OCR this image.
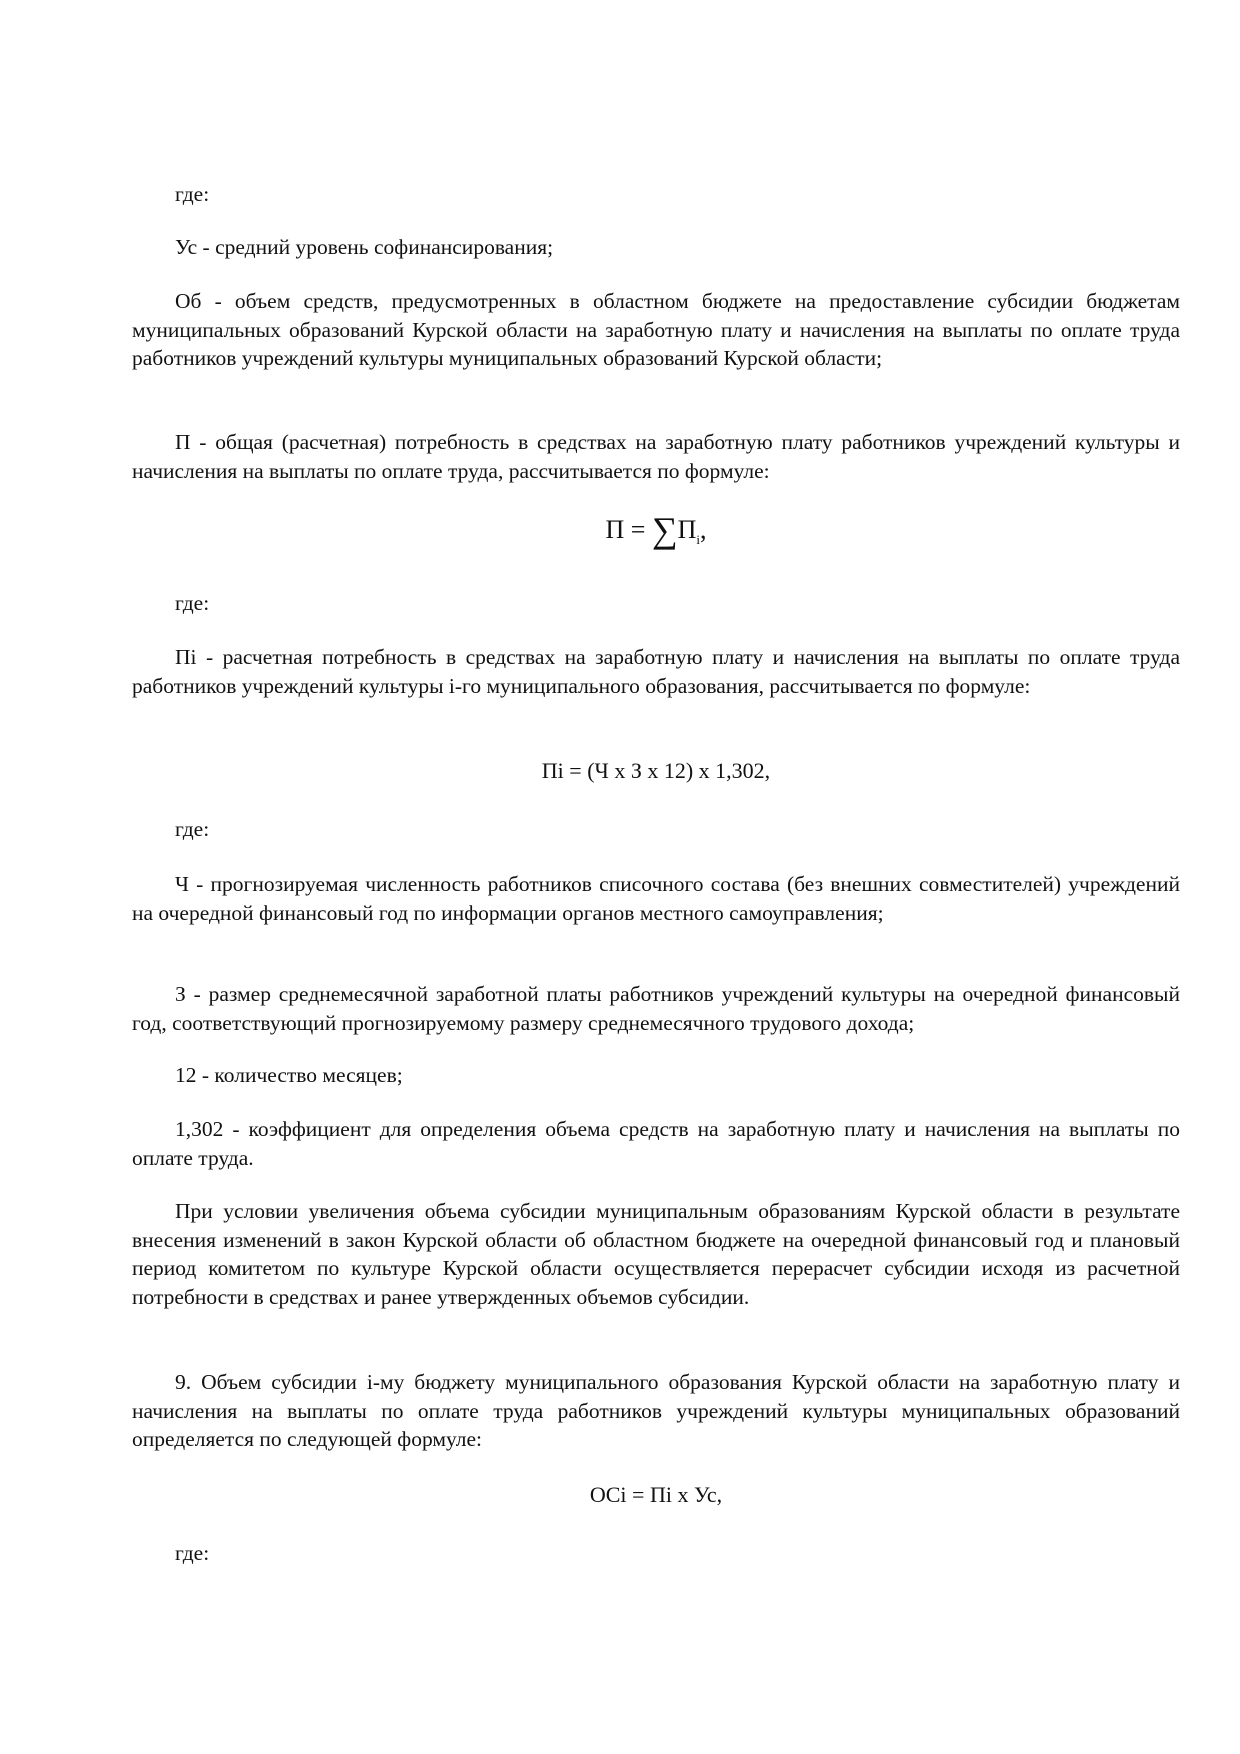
где:

Ус - средний уровень софинансирования;

Об - объем средств, предусмотренных в областном бюджете на предоставление субсидии бюджетам муниципальных образований Курской области на заработную плату и начисления на выплаты по оплате труда работников учреждений культуры муниципальных образований Курской области;

П - общая (расчетная) потребность в средствах на заработную плату работников учреждений культуры и начисления на выплаты по оплате труда, рассчитывается по формуле:

$П = \sum П_i$,

где:

Пi - расчетная потребность в средствах на заработную плату и начисления на выплаты по оплате труда работников учреждений культуры i-го муниципального образования, рассчитывается по формуле:

Пi = (Ч х З х 12) х 1,302,

где:

Ч - прогнозируемая численность работников списочного состава (без внешних совместителей) учреждений на очередной финансовый год по информации органов местного самоуправления;

З - размер среднемесячной заработной платы работников учреждений культуры на очередной финансовый год, соответствующий прогнозируемому размеру среднемесячного трудового дохода;

12 - количество месяцев;

1,302 - коэффициент для определения объема средств на заработную плату и начисления на выплаты по оплате труда.

При условии увеличения объема субсидии муниципальным образованиям Курской области в результате внесения изменений в закон Курской области об областном бюджете на очередной финансовый год и плановый период комитетом по культуре Курской области осуществляется перерасчет субсидии исходя из расчетной потребности в средствах и ранее утвержденных объемов субсидии.

9. Объем субсидии i-му бюджету муниципального образования Курской области на заработную плату и начисления на выплаты по оплате труда работников учреждений культуры муниципальных образований определяется по следующей формуле:

OCi = Пi х Ус,

где:
